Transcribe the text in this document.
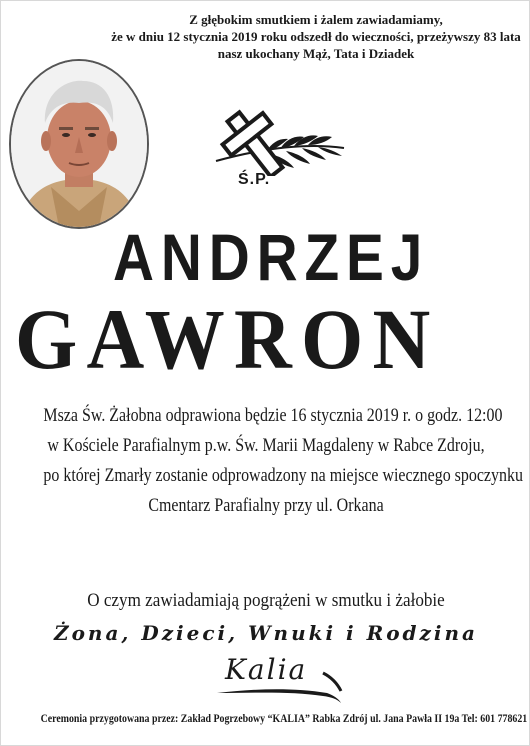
Z głębokim smutkiem i żalem zawiadamiamy,
że w dniu 12 stycznia 2019 roku odszedł do wieczności, przeżywszy 83 lata
nasz ukochany Mąż, Tata i Dziadek
Ś.P.
ANDRZEJ
GAWRON
Msza Św. Żałobna odprawiona będzie 16 stycznia 2019 r. o godz. 12:00
w Kościele Parafialnym p.w. Św. Marii Magdaleny w Rabce Zdroju,
po której Zmarły zostanie odprowadzony na miejsce wiecznego spoczynku
Cmentarz Parafialny przy ul. Orkana
O czym zawiadamiają pogrążeni w smutku i żałobie
Żona, Dzieci, Wnuki i Rodzina
Kalia
Ceremonia przygotowana przez: Zakład Pogrzebowy “KALIA” Rabka Zdrój ul. Jana Pawła II 19a Tel: 601 778621
